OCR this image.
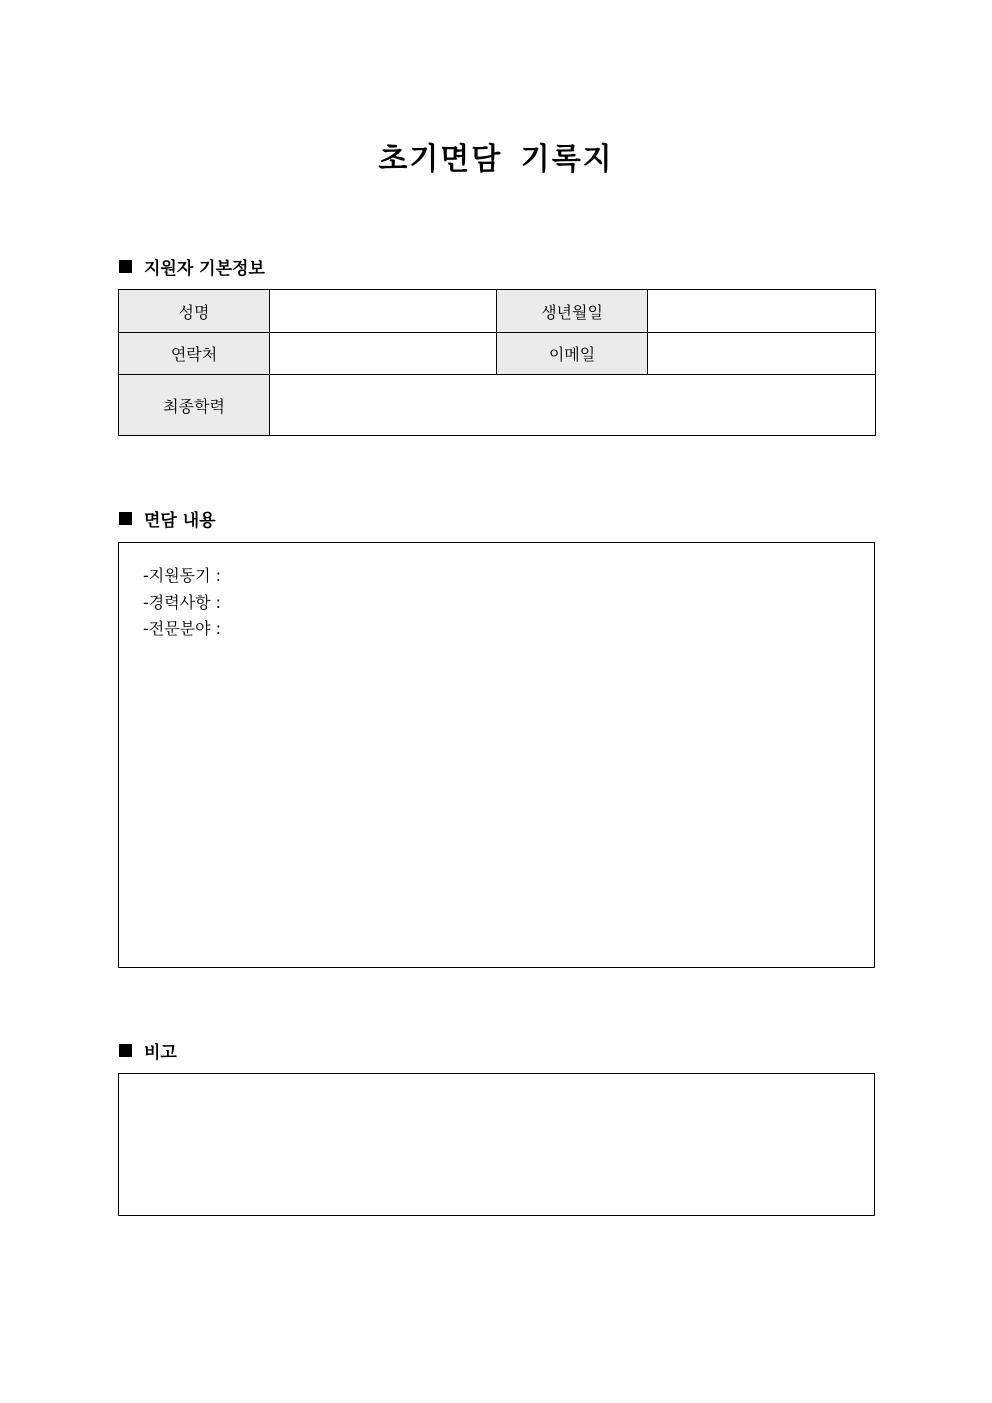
초기면담 기록지
지원자 기본정보
성명		생년월일	
연락처		이메일	
최종학력			
면담 내용
-지원동기 :
-경력사항 :
-전문분야 :
비고
